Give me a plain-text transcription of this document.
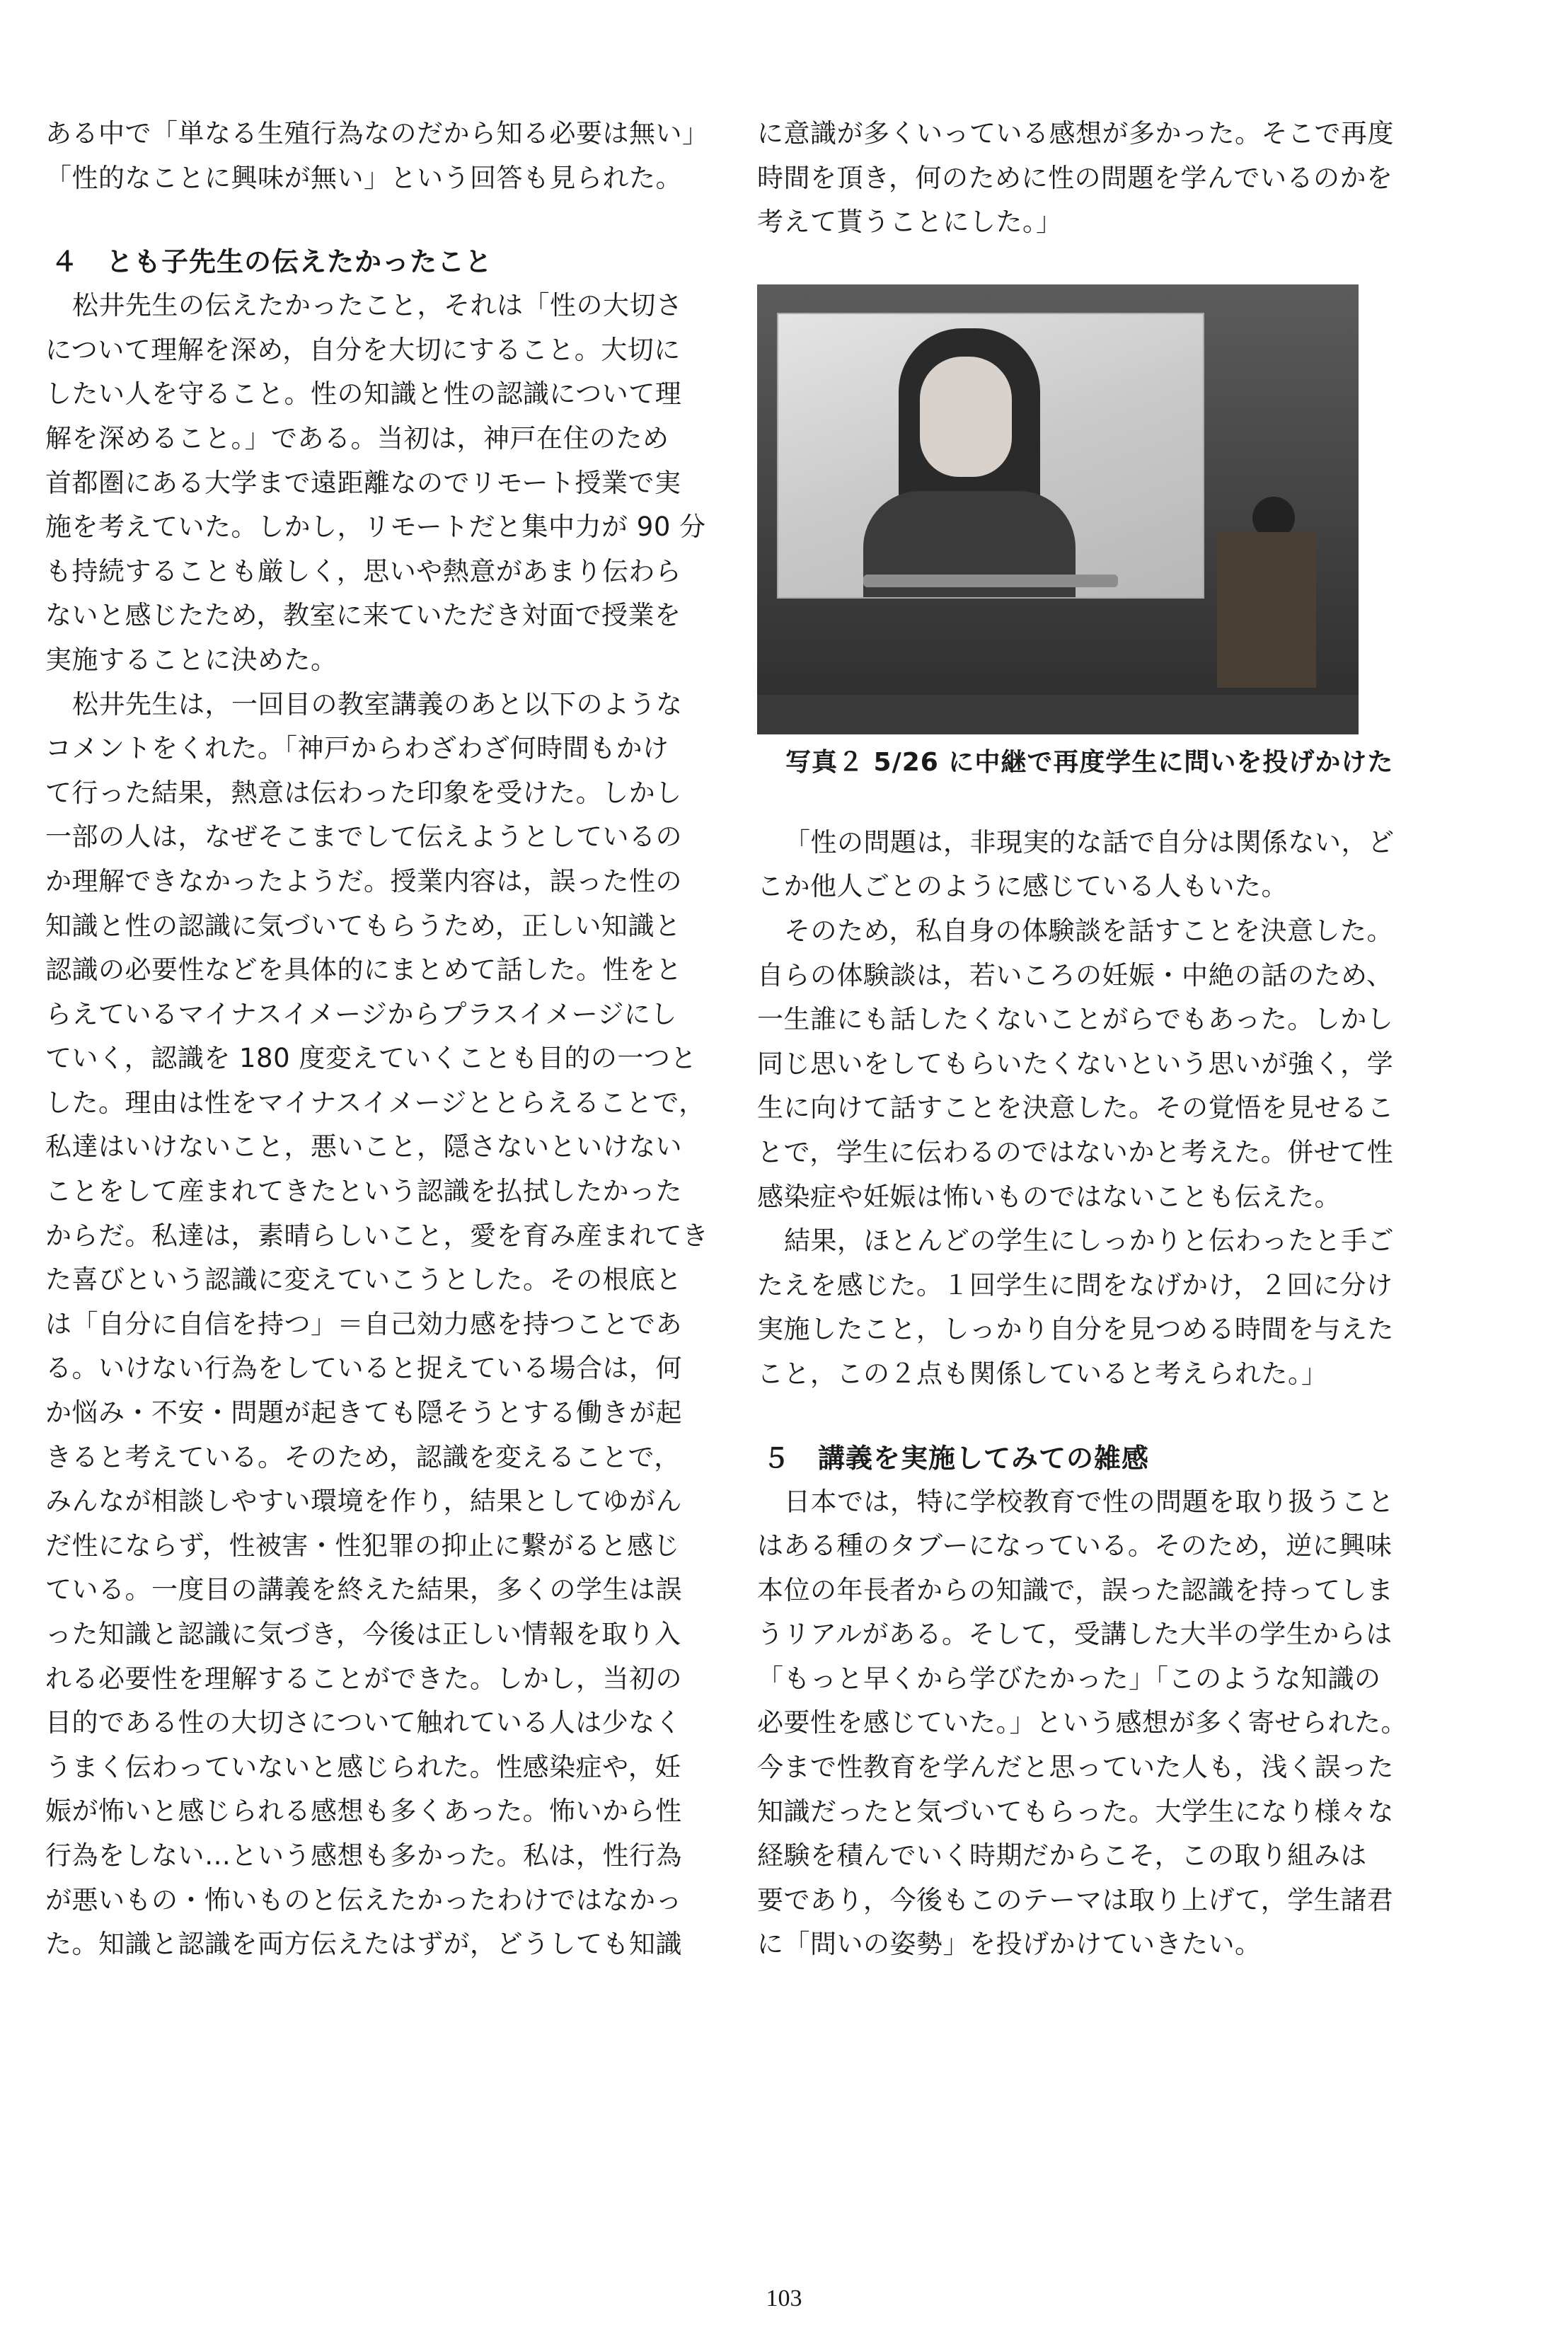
ある中で「単なる生殖行為なのだから知る必要は無い」
「性的なことに興味が無い」という回答も見られた。

４　とも子先生の伝えたかったこと

松井先生の伝えたかったこと，それは「性の大切さ
について理解を深め，自分を大切にすること。大切に
したい人を守ること。性の知識と性の認識について理
解を深めること。」である。当初は，神戸在住のため
首都圏にある大学まで遠距離なのでリモート授業で実
施を考えていた。しかし，リモートだと集中力が 90 分
も持続することも厳しく，思いや熱意があまり伝わら
ないと感じたため，教室に来ていただき対面で授業を
実施することに決めた。

松井先生は，一回目の教室講義のあと以下のような
コメントをくれた。「神戸からわざわざ何時間もかけ
て行った結果，熱意は伝わった印象を受けた。しかし
一部の人は，なぜそこまでして伝えようとしているの
か理解できなかったようだ。授業内容は，誤った性の
知識と性の認識に気づいてもらうため，正しい知識と
認識の必要性などを具体的にまとめて話した。性をと
らえているマイナスイメージからプラスイメージにし
ていく，認識を 180 度変えていくことも目的の一つと
した。理由は性をマイナスイメージととらえることで，
私達はいけないこと，悪いこと，隠さないといけない
ことをして産まれてきたという認識を払拭したかった
からだ。私達は，素晴らしいこと，愛を育み産まれてき
た喜びという認識に変えていこうとした。その根底と
は「自分に自信を持つ」＝自己効力感を持つことであ
る。いけない行為をしていると捉えている場合は，何
か悩み・不安・問題が起きても隠そうとする働きが起
きると考えている。そのため，認識を変えることで，
みんなが相談しやすい環境を作り，結果としてゆがん
だ性にならず，性被害・性犯罪の抑止に繋がると感じ
ている。一度目の講義を終えた結果，多くの学生は誤
った知識と認識に気づき，今後は正しい情報を取り入
れる必要性を理解することができた。しかし，当初の
目的である性の大切さについて触れている人は少なく
うまく伝わっていないと感じられた。性感染症や，妊
娠が怖いと感じられる感想も多くあった。怖いから性
行為をしない…という感想も多かった。私は，性行為
が悪いもの・怖いものと伝えたかったわけではなかっ
た。知識と認識を両方伝えたはずが，どうしても知識

に意識が多くいっている感想が多かった。そこで再度
時間を頂き，何のために性の問題を学んでいるのかを
考えて貰うことにした。」

写真２ 5/26 に中継で再度学生に問いを投げかけた

「性の問題は，非現実的な話で自分は関係ない，ど
こか他人ごとのように感じている人もいた。

そのため，私自身の体験談を話すことを決意した。
自らの体験談は，若いころの妊娠・中絶の話のため、
一生誰にも話したくないことがらでもあった。しかし
同じ思いをしてもらいたくないという思いが強く，学
生に向けて話すことを決意した。その覚悟を見せるこ
とで，学生に伝わるのではないかと考えた。併せて性
感染症や妊娠は怖いものではないことも伝えた。

結果，ほとんどの学生にしっかりと伝わったと手ご
たえを感じた。１回学生に問をなげかけ，２回に分け
実施したこと，しっかり自分を見つめる時間を与えた
こと，この２点も関係していると考えられた。」

５　講義を実施してみての雑感

日本では，特に学校教育で性の問題を取り扱うこと
はある種のタブーになっている。そのため，逆に興味
本位の年長者からの知識で，誤った認識を持ってしま
うリアルがある。そして，受講した大半の学生からは
「もっと早くから学びたかった」「このような知識の
必要性を感じていた。」という感想が多く寄せられた。
今まで性教育を学んだと思っていた人も，浅く誤った
知識だったと気づいてもらった。大学生になり様々な
経験を積んでいく時期だからこそ，この取り組みは
要であり，今後もこのテーマは取り上げて，学生諸君
に「問いの姿勢」を投げかけていきたい。

103
